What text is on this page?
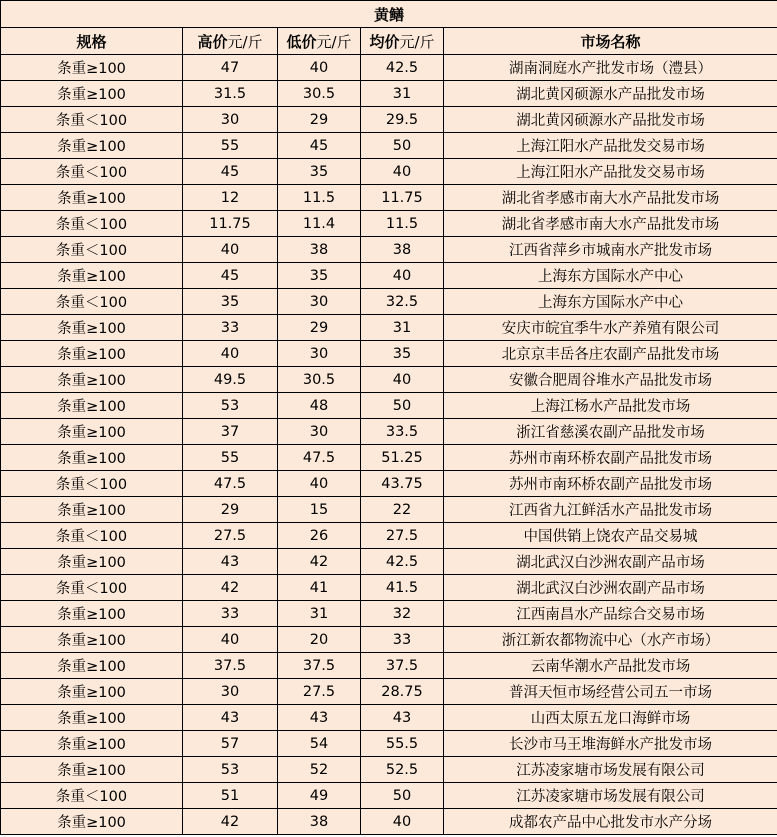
黄鳝				
规格	高价元/斤	低价元/斤	均价元/斤	市场名称
条重≥100	47	40	42.5	湖南洞庭水产批发市场（澧县）
条重≥100	31.5	30.5	31	湖北黄冈硕源水产品批发市场
条重＜100	30	29	29.5	湖北黄冈硕源水产品批发市场
条重≥100	55	45	50	上海江阳水产品批发交易市场
条重＜100	45	35	40	上海江阳水产品批发交易市场
条重≥100	12	11.5	11.75	湖北省孝感市南大水产品批发市场
条重＜100	11.75	11.4	11.5	湖北省孝感市南大水产品批发市场
条重＜100	40	38	38	江西省萍乡市城南水产批发市场
条重≥100	45	35	40	上海东方国际水产中心
条重＜100	35	30	32.5	上海东方国际水产中心
条重≥100	33	29	31	安庆市皖宜季牛水产养殖有限公司
条重≥100	40	30	35	北京京丰岳各庄农副产品批发市场
条重≥100	49.5	30.5	40	安徽合肥周谷堆水产品批发市场
条重≥100	53	48	50	上海江杨水产品批发市场
条重≥100	37	30	33.5	浙江省慈溪农副产品批发市场
条重≥100	55	47.5	51.25	苏州市南环桥农副产品批发市场
条重＜100	47.5	40	43.75	苏州市南环桥农副产品批发市场
条重≥100	29	15	22	江西省九江鲜活水产品批发市场
条重＜100	27.5	26	27.5	中国供销上饶农产品交易城
条重≥100	43	42	42.5	湖北武汉白沙洲农副产品市场
条重＜100	42	41	41.5	湖北武汉白沙洲农副产品市场
条重≥100	33	31	32	江西南昌水产品综合交易市场
条重≥100	40	20	33	浙江新农都物流中心（水产市场）
条重≥100	37.5	37.5	37.5	云南华潮水产品批发市场
条重≥100	30	27.5	28.75	普洱天恒市场经营公司五一市场
条重≥100	43	43	43	山西太原五龙口海鲜市场
条重≥100	57	54	55.5	长沙市马王堆海鲜水产批发市场
条重≥100	53	52	52.5	江苏凌家塘市场发展有限公司
条重＜100	51	49	50	江苏凌家塘市场发展有限公司
条重≥100	42	38	40	成都农产品中心批发市水产分场
